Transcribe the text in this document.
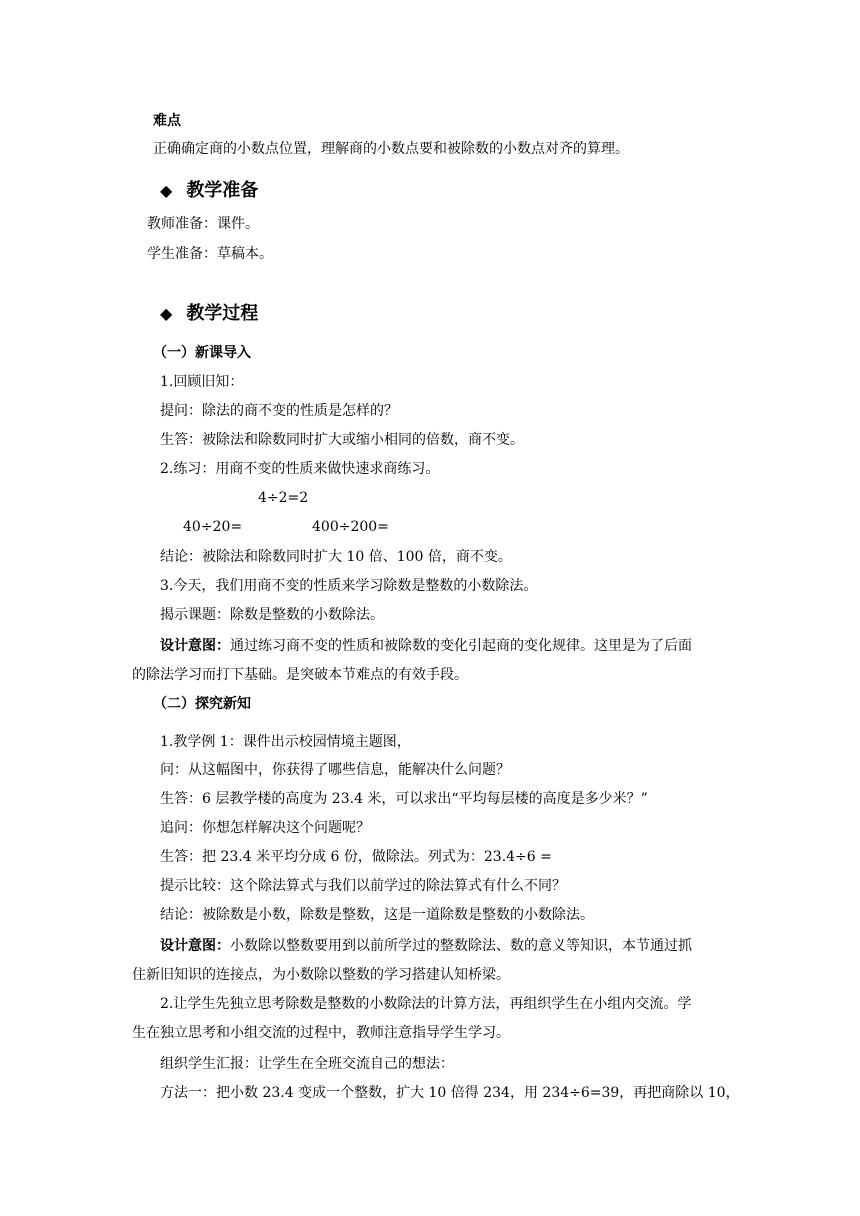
难点
正确确定商的小数点位置，理解商的小数点要和被除数的小数点对齐的算理。
◆ 教学准备
教师准备：课件。
学生准备：草稿本。
◆ 教学过程
（一）新课导入
1.回顾旧知：
提问：除法的商不变的性质是怎样的？
生答：被除法和除数同时扩大或缩小相同的倍数，商不变。
2.练习：用商不变的性质来做快速求商练习。
4÷2=2
40÷20=	400÷200=
结论：被除法和除数同时扩大 10 倍、100 倍，商不变。
3.今天，我们用商不变的性质来学习除数是整数的小数除法。
揭示课题：除数是整数的小数除法。
设计意图：通过练习商不变的性质和被除数的变化引起商的变化规律。这里是为了后面
的除法学习而打下基础。是突破本节难点的有效手段。
（二）探究新知
1.教学例 1：课件出示校园情境主题图，
问：从这幅图中，你获得了哪些信息，能解决什么问题？
生答：6 层教学楼的高度为 23.4 米，可以求出“平均每层楼的高度是多少米？”
追问：你想怎样解决这个问题呢？
生答：把 23.4 米平均分成 6 份，做除法。列式为：23.4÷6 =
提示比较：这个除法算式与我们以前学过的除法算式有什么不同？
结论：被除数是小数，除数是整数，这是一道除数是整数的小数除法。
设计意图：小数除以整数要用到以前所学过的整数除法、数的意义等知识，本节通过抓
住新旧知识的连接点，为小数除以整数的学习搭建认知桥梁。
2.让学生先独立思考除数是整数的小数除法的计算方法，再组织学生在小组内交流。学
生在独立思考和小组交流的过程中，教师注意指导学生学习。
组织学生汇报：让学生在全班交流自己的想法：
方法一：把小数 23.4 变成一个整数，扩大 10 倍得 234，用 234÷6=39，再把商除以 10，
